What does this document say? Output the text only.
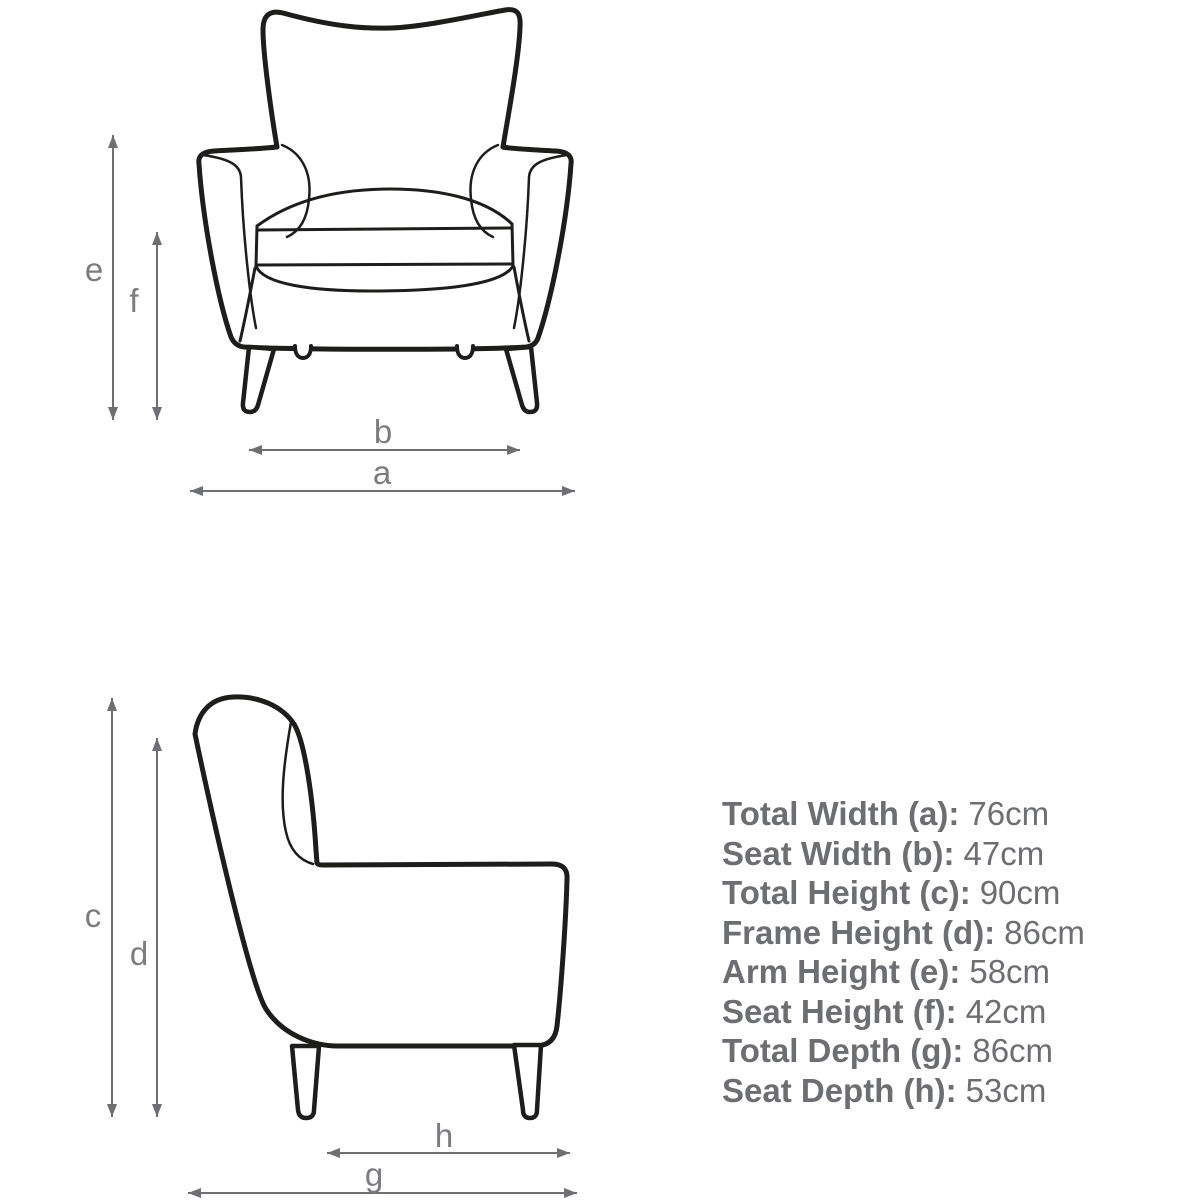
e
f
b
a
c
d
h
g
Total Width (a): 76cm
Seat Width (b): 47cm
Total Height (c): 90cm
Frame Height (d): 86cm
Arm Height (e): 58cm
Seat Height (f): 42cm
Total Depth (g): 86cm
Seat Depth (h): 53cm
